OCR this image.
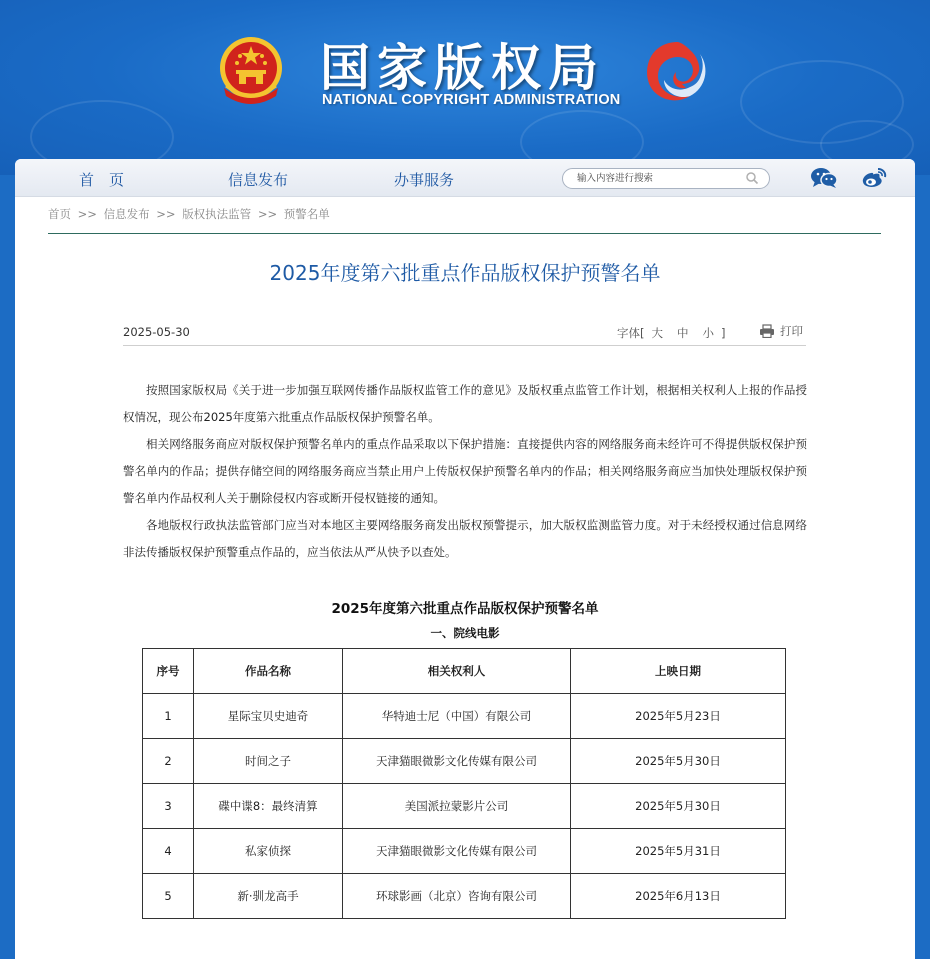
国家版权局
NATIONAL COPYRIGHT ADMINISTRATION
首　页	信息发布	办事服务
输入内容进行搜索
首页 >> 信息发布 >> 版权执法监管 >> 预警名单
2025年度第六批重点作品版权保护预警名单
2025-05-30	字体[ 大 中 小 ]	打印

按照国家版权局《关于进一步加强互联网传播作品版权监管工作的意见》及版权重点监管工作计划，根据相关权利人上报的作品授权情况，现公布2025年度第六批重点作品版权保护预警名单。

相关网络服务商应对版权保护预警名单内的重点作品采取以下保护措施：直接提供内容的网络服务商未经许可不得提供版权保护预警名单内的作品；提供存储空间的网络服务商应当禁止用户上传版权保护预警名单内的作品；相关网络服务商应当加快处理版权保护预警名单内作品权利人关于删除侵权内容或断开侵权链接的通知。

各地版权行政执法监管部门应当对本地区主要网络服务商发出版权预警提示，加大版权监测监管力度。对于未经授权通过信息网络非法传播版权保护预警重点作品的，应当依法从严从快予以查处。

2025年度第六批重点作品版权保护预警名单
一、院线电影
序号	作品名称	相关权利人	上映日期
1	星际宝贝史迪奇	华特迪士尼（中国）有限公司	2025年5月23日
2	时间之子	天津猫眼微影文化传媒有限公司	2025年5月30日
3	碟中谍8：最终清算	美国派拉蒙影片公司	2025年5月30日
4	私家侦探	天津猫眼微影文化传媒有限公司	2025年5月31日
5	新·驯龙高手	环球影画（北京）咨询有限公司	2025年6月13日
